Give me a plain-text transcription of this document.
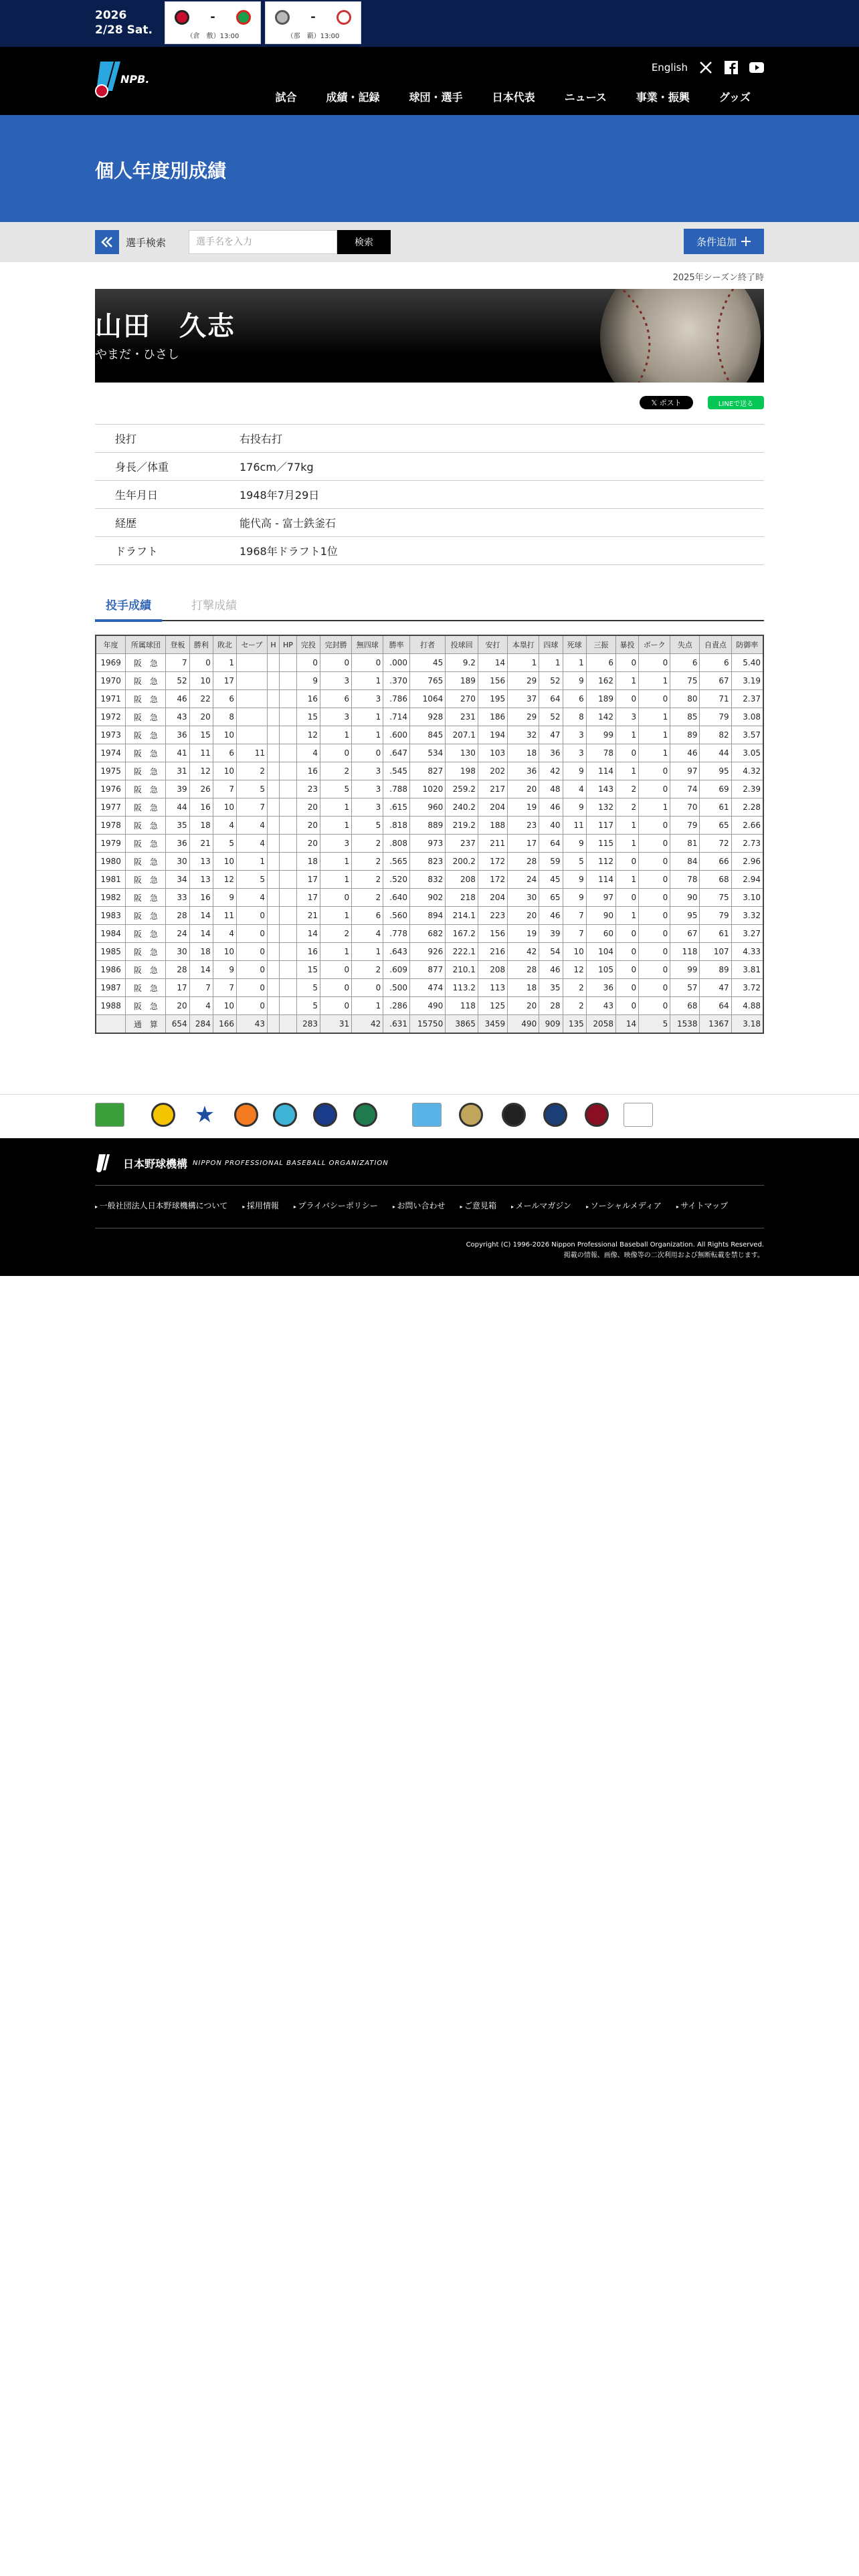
2026
2/28 Sat.
-
（倉　敷）13:00
-
（那　覇）13:00
NPB.
English
試合	成績・記録	球団・選手	日本代表	ニュース	事業・振興	グッズ
個人年度別成績
選手検索
選手名を入力	検索	条件追加
2025年シーズン終了時
山田　久志
やまだ・ひさし
𝕏 ポスト	LINEで送る
投打	右投右打
身長／体重	176cm／77kg
生年月日	1948年7月29日
経歴	能代高 - 富士鉄釜石
ドラフト	1968年ドラフト1位
投手成績	打撃成績
年度	所属球団	登板	勝利	敗北	セーブ	H	HP	完投	完封勝	無四球	勝率	打者	投球回	安打	本塁打	四球	死球	三振	暴投	ボーク	失点	自責点	防御率
1969	阪　急	7	0	1				0	0	0	.000	45	9.2	14	1	1	1	6	0	0	6	6	5.40
1970	阪　急	52	10	17				9	3	1	.370	765	189	156	29	52	9	162	1	1	75	67	3.19
1971	阪　急	46	22	6				16	6	3	.786	1064	270	195	37	64	6	189	0	0	80	71	2.37
1972	阪　急	43	20	8				15	3	1	.714	928	231	186	29	52	8	142	3	1	85	79	3.08
1973	阪　急	36	15	10				12	1	1	.600	845	207.1	194	32	47	3	99	1	1	89	82	3.57
1974	阪　急	41	11	6	11			4	0	0	.647	534	130	103	18	36	3	78	0	1	46	44	3.05
1975	阪　急	31	12	10	2			16	2	3	.545	827	198	202	36	42	9	114	1	0	97	95	4.32
1976	阪　急	39	26	7	5			23	5	3	.788	1020	259.2	217	20	48	4	143	2	0	74	69	2.39
1977	阪　急	44	16	10	7			20	1	3	.615	960	240.2	204	19	46	9	132	2	1	70	61	2.28
1978	阪　急	35	18	4	4			20	1	5	.818	889	219.2	188	23	40	11	117	1	0	79	65	2.66
1979	阪　急	36	21	5	4			20	3	2	.808	973	237	211	17	64	9	115	1	0	81	72	2.73
1980	阪　急	30	13	10	1			18	1	2	.565	823	200.2	172	28	59	5	112	0	0	84	66	2.96
1981	阪　急	34	13	12	5			17	1	2	.520	832	208	172	24	45	9	114	1	0	78	68	2.94
1982	阪　急	33	16	9	4			17	0	2	.640	902	218	204	30	65	9	97	0	0	90	75	3.10
1983	阪　急	28	14	11	0			21	1	6	.560	894	214.1	223	20	46	7	90	1	0	95	79	3.32
1984	阪　急	24	14	4	0			14	2	4	.778	682	167.2	156	19	39	7	60	0	0	67	61	3.27
1985	阪　急	30	18	10	0			16	1	1	.643	926	222.1	216	42	54	10	104	0	0	118	107	4.33
1986	阪　急	28	14	9	0			15	0	2	.609	877	210.1	208	28	46	12	105	0	0	99	89	3.81
1987	阪　急	17	7	7	0			5	0	0	.500	474	113.2	113	18	35	2	36	0	0	57	47	3.72
1988	阪　急	20	4	10	0			5	0	1	.286	490	118	125	20	28	2	43	0	0	68	64	4.88
	通　算	654	284	166	43			283	31	42	.631	15750	3865	3459	490	909	135	2058	14	5	1538	1367	3.18
★
日本野球機構 NIPPON PROFESSIONAL BASEBALL ORGANIZATION
▸ 一般社団法人日本野球機構について	▸ 採用情報	▸ プライバシーポリシー	▸ お問い合わせ	▸ ご意見箱	▸ メールマガジン	▸ ソーシャルメディア	▸ サイトマップ
Copyright (C) 1996-2026 Nippon Professional Baseball Organization. All Rights Reserved.
掲載の情報、画像、映像等の二次利用および無断転載を禁じます。
